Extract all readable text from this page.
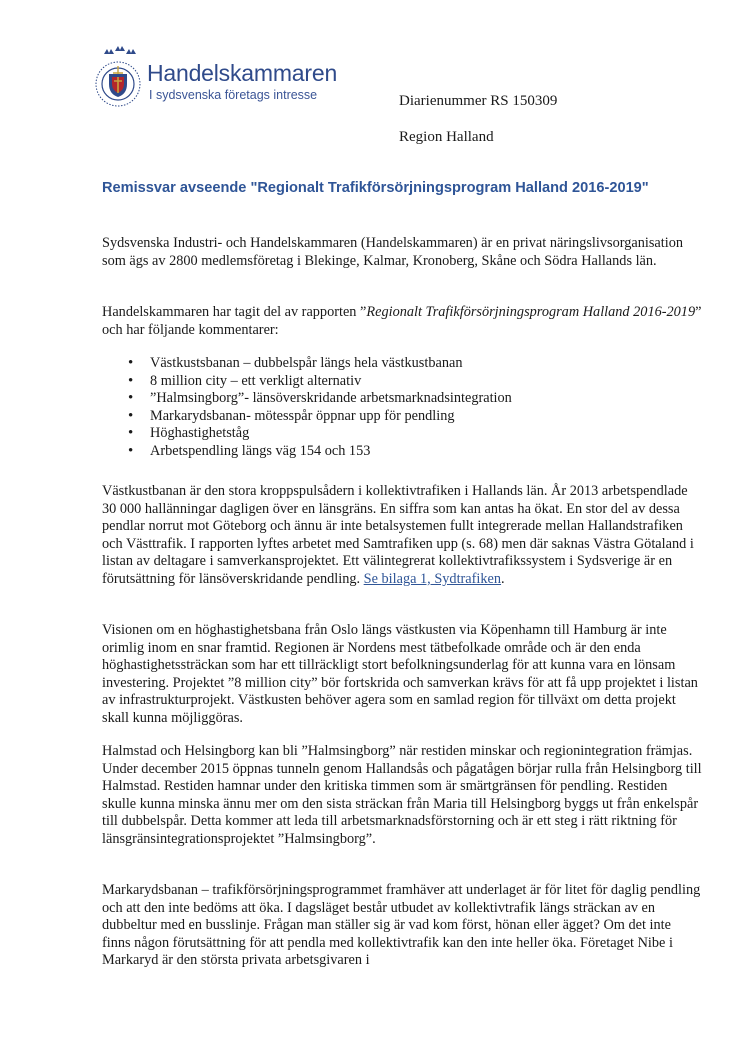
Handelskammaren
I sydsvenska företags intresse	Diarienummer RS 150309
Region Halland
Remissvar avseende "Regionalt Trafikförsörjningsprogram Halland 2016-2019"

Sydsvenska Industri- och Handelskammaren (Handelskammaren) är en privat näringslivsorganisation som ägs av 2800 medlemsföretag i Blekinge, Kalmar, Kronoberg, Skåne och Södra Hallands län.

Handelskammaren har tagit del av rapporten ”Regionalt Trafikförsörjningsprogram Halland 2016-2019” och har följande kommentarer:

• Västkustsbanan – dubbelspår längs hela västkustbanan
• 8 million city – ett verkligt alternativ
• ”Halmsingborg”- länsöverskridande arbetsmarknadsintegration
• Markarydsbanan- mötesspår öppnar upp för pendling
• Höghastighetståg
• Arbetspendling längs väg 154 och 153

Västkustbanan är den stora kroppspulsådern i kollektivtrafiken i Hallands län. År 2013 arbetspendlade 30 000 hallänningar dagligen över en länsgräns. En siffra som kan antas ha ökat. En stor del av dessa pendlar norrut mot Göteborg och ännu är inte betalsystemen fullt integrerade mellan Hallandstrafiken och Västtrafik. I rapporten lyftes arbetet med Samtrafiken upp (s. 68) men där saknas Västra Götaland i listan av deltagare i samverkansprojektet. Ett välintegrerat kollektivtrafikssystem i Sydsverige är en förutsättning för länsöverskridande pendling. Se bilaga 1, Sydtrafiken.

Visionen om en höghastighetsbana från Oslo längs västkusten via Köpenhamn till Hamburg är inte orimlig inom en snar framtid. Regionen är Nordens mest tätbefolkade område och är den enda höghastighetssträckan som har ett tillräckligt stort befolkningsunderlag för att kunna vara en lönsam investering. Projektet ”8 million city” bör fortskrida och samverkan krävs för att få upp projektet i listan av infrastrukturprojekt. Västkusten behöver agera som en samlad region för tillväxt om detta projekt skall kunna möjliggöras.

Halmstad och Helsingborg kan bli ”Halmsingborg” när restiden minskar och regionintegration främjas. Under december 2015 öppnas tunneln genom Hallandsås och pågatågen börjar rulla från Helsingborg till Halmstad. Restiden hamnar under den kritiska timmen som är smärtgränsen för pendling. Restiden skulle kunna minska ännu mer om den sista sträckan från Maria till Helsingborg byggs ut från enkelspår till dubbelspår. Detta kommer att leda till arbetsmarknadsförstorning och är ett steg i rätt riktning för länsgränsintegrationsprojektet ”Halmsingborg”.

Markarydsbanan – trafikförsörjningsprogrammet framhäver att underlaget är för litet för daglig pendling och att den inte bedöms att öka. I dagsläget består utbudet av kollektivtrafik längs sträckan av en dubbeltur med en busslinje. Frågan man ställer sig är vad kom först, hönan eller ägget? Om det inte finns någon förutsättning för att pendla med kollektivtrafik kan den inte heller öka. Företaget Nibe i Markaryd är den största privata arbetsgivaren i
